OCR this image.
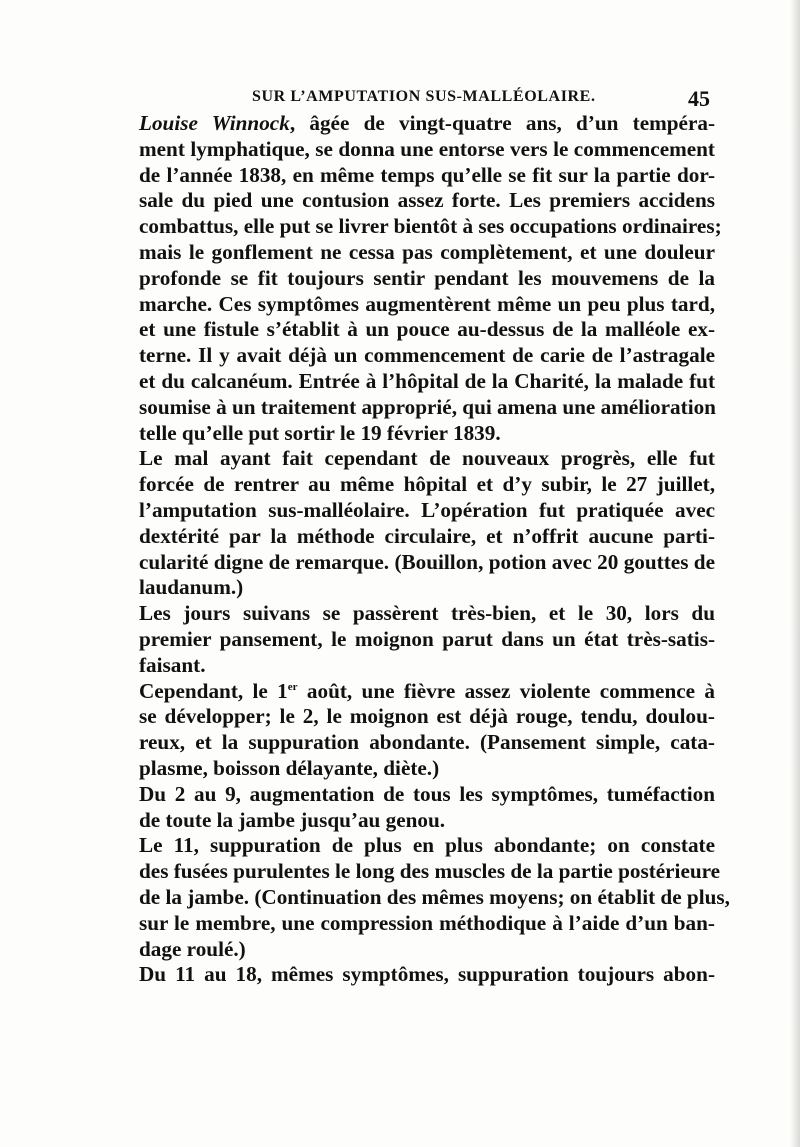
SUR L’AMPUTATION SUS-MALLÉOLAIRE.	45

Louise Winnock, âgée de vingt-quatre ans, d’un tempéra-
ment lymphatique, se donna une entorse vers le commencement
de l’année 1838, en même temps qu’elle se fit sur la partie dor-
sale du pied une contusion assez forte. Les premiers accidens
combattus, elle put se livrer bientôt à ses occupations ordinaires;
mais le gonflement ne cessa pas complètement, et une douleur
profonde se fit toujours sentir pendant les mouvemens de la
marche. Ces symptômes augmentèrent même un peu plus tard,
et une fistule s’établit à un pouce au-dessus de la malléole ex-
terne. Il y avait déjà un commencement de carie de l’astragale
et du calcanéum. Entrée à l’hôpital de la Charité, la malade fut
soumise à un traitement approprié, qui amena une amélioration
telle qu’elle put sortir le 19 février 1839.

Le mal ayant fait cependant de nouveaux progrès, elle fut
forcée de rentrer au même hôpital et d’y subir, le 27 juillet,
l’amputation sus-malléolaire. L’opération fut pratiquée avec
dextérité par la méthode circulaire, et n’offrit aucune parti-
cularité digne de remarque. (Bouillon, potion avec 20 gouttes de
laudanum.)

Les jours suivans se passèrent très-bien, et le 30, lors du
premier pansement, le moignon parut dans un état très-satis-
faisant.

Cependant, le 1er août, une fièvre assez violente commence à
se développer; le 2, le moignon est déjà rouge, tendu, doulou-
reux, et la suppuration abondante. (Pansement simple, cata-
plasme, boisson délayante, diète.)

Du 2 au 9, augmentation de tous les symptômes, tuméfaction
de toute la jambe jusqu’au genou.

Le 11, suppuration de plus en plus abondante; on constate
des fusées purulentes le long des muscles de la partie postérieure
de la jambe. (Continuation des mêmes moyens; on établit de plus,
sur le membre, une compression méthodique à l’aide d’un ban-
dage roulé.)

Du 11 au 18, mêmes symptômes, suppuration toujours abon-
